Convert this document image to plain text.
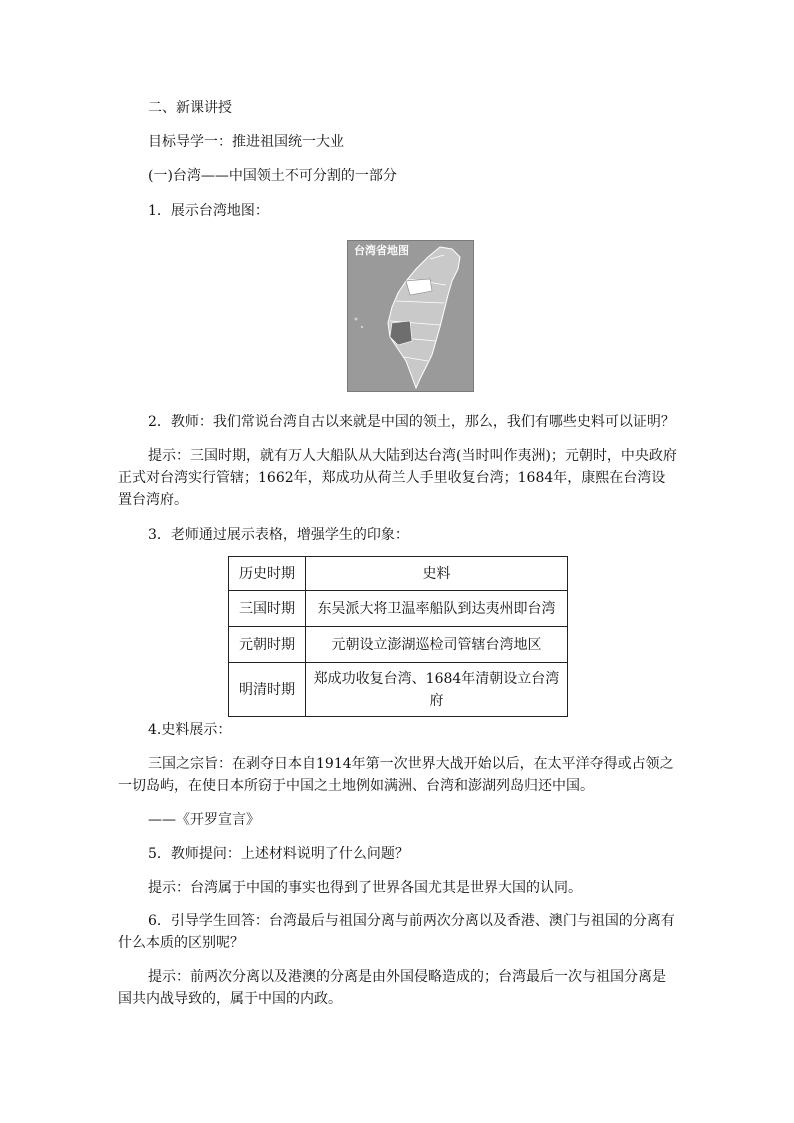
二、新课讲授
目标导学一：推进祖国统一大业
(一)台湾——中国领土不可分割的一部分
1．展示台湾地图：
台湾省地图
2．教师：我们常说台湾自古以来就是中国的领土，那么，我们有哪些史料可以证明？
提示：三国时期，就有万人大船队从大陆到达台湾(当时叫作夷洲)；元朝时，中央政府正式对台湾实行管辖；1662年，郑成功从荷兰人手里收复台湾；1684年，康熙在台湾设置台湾府。
3．老师通过展示表格，增强学生的印象：
历史时期	史料
三国时期	东吴派大将卫温率船队到达夷州即台湾
元朝时期	元朝设立澎湖巡检司管辖台湾地区
明清时期	郑成功收复台湾、1684年清朝设立台湾府
4.史料展示：
三国之宗旨：在剥夺日本自1914年第一次世界大战开始以后，在太平洋夺得或占领之一切岛屿，在使日本所窃于中国之土地例如满洲、台湾和澎湖列岛归还中国。
——《开罗宣言》
5．教师提问：上述材料说明了什么问题？
提示：台湾属于中国的事实也得到了世界各国尤其是世界大国的认同。
6．引导学生回答：台湾最后与祖国分离与前两次分离以及香港、澳门与祖国的分离有什么本质的区别呢？
提示：前两次分离以及港澳的分离是由外国侵略造成的；台湾最后一次与祖国分离是国共内战导致的，属于中国的内政。
